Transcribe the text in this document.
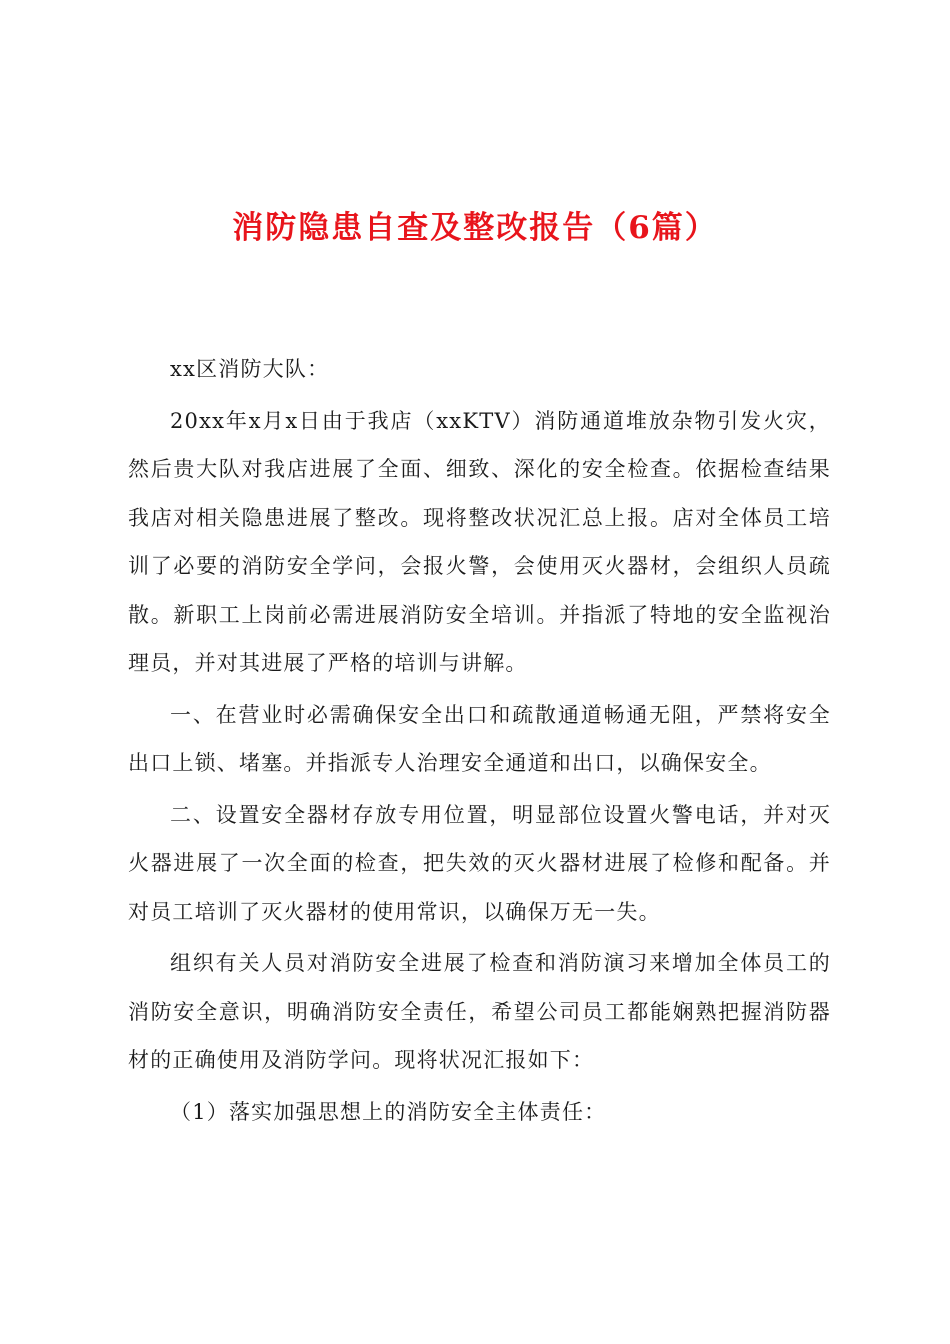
消防隐患自查及整改报告（6篇）

xx区消防大队：

20xx年x月x日由于我店（xxKTV）消防通道堆放杂物引发火灾，然后贵大队对我店进展了全面、细致、深化的安全检查。依据检查结果我店对相关隐患进展了整改。现将整改状况汇总上报。店对全体员工培训了必要的消防安全学问，会报火警，会使用灭火器材，会组织人员疏散。新职工上岗前必需进展消防安全培训。并指派了特地的安全监视治理员，并对其进展了严格的培训与讲解。

一、在营业时必需确保安全出口和疏散通道畅通无阻，严禁将安全出口上锁、堵塞。并指派专人治理安全通道和出口，以确保安全。

二、设置安全器材存放专用位置，明显部位设置火警电话，并对灭火器进展了一次全面的检查，把失效的灭火器材进展了检修和配备。并对员工培训了灭火器材的使用常识，以确保万无一失。

组织有关人员对消防安全进展了检查和消防演习来增加全体员工的消防安全意识，明确消防安全责任，希望公司员工都能娴熟把握消防器材的正确使用及消防学问。现将状况汇报如下：

（1）落实加强思想上的消防安全主体责任：
